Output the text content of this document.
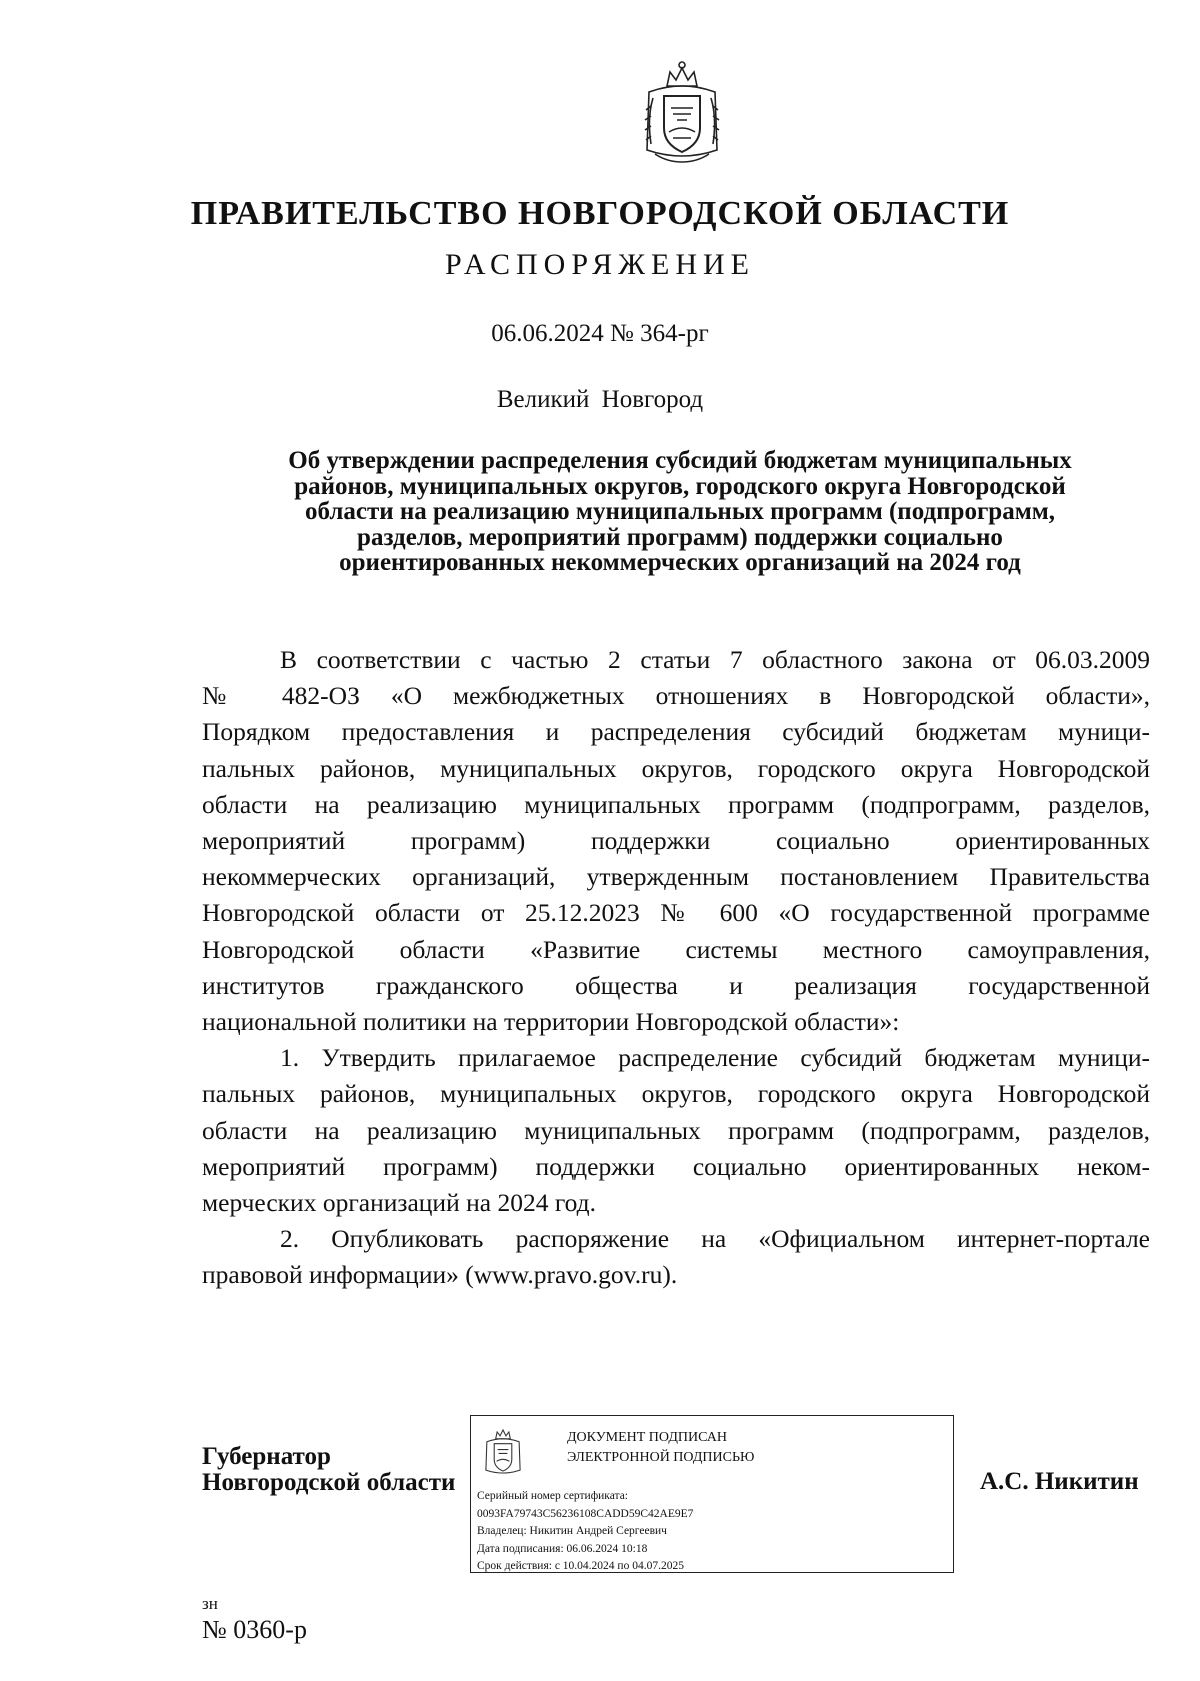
ПРАВИТЕЛЬСТВО НОВГОРОДСКОЙ ОБЛАСТИ
РАСПОРЯЖЕНИЕ
06.06.2024 № 364-рг
Великий Новгород
Об утверждении распределения субсидий бюджетам муниципальных
районов, муниципальных округов, городского округа Новгородской
области на реализацию муниципальных программ (подпрограмм,
разделов, мероприятий программ) поддержки социально
ориентированных некоммерческих организаций на 2024 год
В соответствии с частью 2 статьи 7 областного закона от 06.03.2009
№ 482-ОЗ «О межбюджетных отношениях в Новгородской области»,
Порядком предоставления и распределения субсидий бюджетам муници-
пальных районов, муниципальных округов, городского округа Новгородской
области на реализацию муниципальных программ (подпрограмм, разделов,
мероприятий программ) поддержки социально ориентированных
некоммерческих организаций, утвержденным постановлением Правительства
Новгородской области от 25.12.2023 № 600 «О государственной программе
Новгородской области «Развитие системы местного самоуправления,
институтов гражданского общества и реализация государственной
национальной политики на территории Новгородской области»:
1. Утвердить прилагаемое распределение субсидий бюджетам муници-
пальных районов, муниципальных округов, городского округа Новгородской
области на реализацию муниципальных программ (подпрограмм, разделов,
мероприятий программ) поддержки социально ориентированных неком-
мерческих организаций на 2024 год.
2. Опубликовать распоряжение на «Официальном интернет-портале
правовой информации» (www.pravo.gov.ru).
Губернатор
Новгородской области
ДОКУМЕНТ ПОДПИСАН
ЭЛЕКТРОННОЙ ПОДПИСЬЮ
Серийный номер сертификата:
0093FA79743C56236108CADD59C42AE9E7
Владелец: Никитин Андрей Сергеевич
Дата подписания: 06.06.2024 10:18
Срок действия: с 10.04.2024 по 04.07.2025
А.С. Никитин
зн
№ 0360-р
